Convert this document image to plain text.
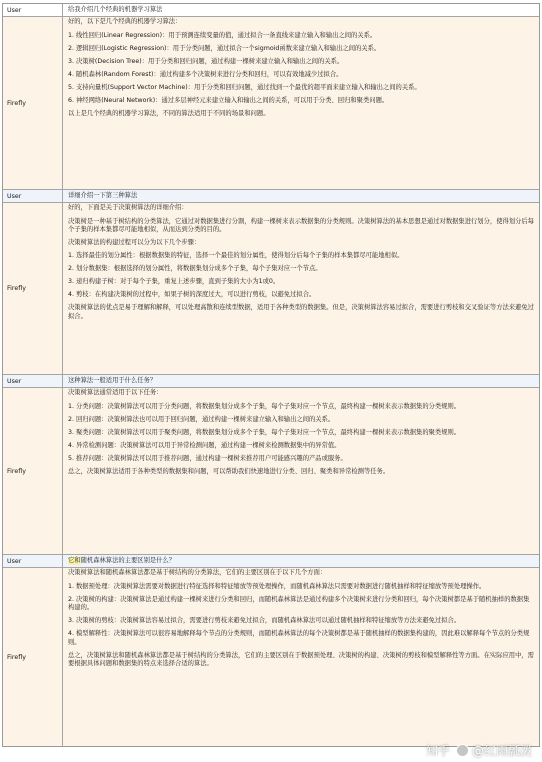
User	给我介绍几个经典的机器学习算法
Firefly
好的，以下是几个经典的机器学习算法：
1. 线性回归(Linear Regression)：用于预测连续变量的值，通过拟合一条直线来建立输入和输出之间的关系。
2. 逻辑回归(Logistic Regression)：用于分类问题，通过拟合一个sigmoid函数来建立输入和输出之间的关系。
3. 决策树(Decision Tree)：用于分类和回归问题，通过构建一棵树来建立输入和输出之间的关系。
4. 随机森林(Random Forest)：通过构建多个决策树来进行分类和回归，可以有效地减少过拟合。
5. 支持向量机(Support Vector Machine)：用于分类和回归问题，通过找到一个最优的超平面来建立输入和输出之间的关系。
6. 神经网络(Neural Network)：通过多层神经元来建立输入和输出之间的关系，可以用于分类、回归和聚类问题。
以上是几个经典的机器学习算法，不同的算法适用于不同的场景和问题。
User	详细介绍一下第三种算法
Firefly
好的，下面是关于决策树算法的详细介绍：
决策树是一种基于树结构的分类算法，它通过对数据集进行分割，构建一棵树来表示数据集的分类规则。决策树算法的基本思想是通过对数据集进行划分，使得划分后每个子集的样本集都尽可能地相似，从而达到分类的目的。
决策树算法的构建过程可以分为以下几个步骤：
1. 选择最佳的划分属性：根据数据集的特征，选择一个最佳的划分属性，使得划分后每个子集的样本集都尽可能地相似。
2. 划分数据集：根据选择的划分属性，将数据集划分成多个子集，每个子集对应一个节点。
3. 递归构建子树：对于每个子集，重复上述步骤，直到子集的大小为1或0。
4. 剪枝：在构建决策树的过程中，如果子树的深度过大，可以进行剪枝，以避免过拟合。
决策树算法的优点是易于理解和解释，可以处理高散和连续型数据，适用于各种类型的数据集。但是，决策树算法容易过拟合，需要进行剪枝和交叉验证等方法来避免过拟合。
User	这种算法一般适用于什么任务？
Firefly
决策树算法通常适用于以下任务：
1. 分类问题：决策树算法可以用于分类问题，将数据集划分成多个子集，每个子集对应一个节点，最终构建一棵树来表示数据集的分类规则。
2. 回归问题：决策树算法也可以用于回归问题，通过构建一棵树来建立输入和输出之间的关系。
3. 聚类问题：决策树算法可以用于聚类问题，将数据集划分成多个子集，每个子集对应一个节点，最终构建一棵树来表示数据集的聚类规则。
4. 异常检测问题：决策树算法可以用于异常检测问题，通过构建一棵树来检测数据集中的异常值。
5. 推荐问题：决策树算法可以用于推荐问题，通过构建一棵树来推荐用户可能感兴趣的产品或服务。
总之，决策树算法适用于各种类型的数据集和问题，可以帮助我们快速地进行分类、回归、聚类和异常检测等任务。
User	它和 随机森林算法的主要区别是什么？
Firefly
决策树算法和随机森林算法都是基于树结构的分类算法，它们的主要区别在于以下几个方面：
1. 数据预处理：决策树算法需要对数据进行特征选择和特征缩放等预处理操作，而随机森林算法只需要对数据进行随机抽样和特征缩放等预处理操作。
2. 决策树的构建：决策树算法是通过构建一棵树来进行分类和回归，而随机森林算法是通过构建多个决策树来进行分类和回归，每个决策树都是基于随机抽样的数据集构建的。
3. 决策树的剪枝：决策树算法容易过拟合，需要进行剪枝来避免过拟合，而随机森林算法可以通过随机抽样和特征缩放等方法来避免过拟合。
4. 模型解释性：决策树算法可以很容易地解释每个节点的分类规则，而随机森林算法的每个决策树都是基于随机抽样的数据集构建的，因此难以解释每个节点的分类规则。
总之，决策树算法和随机森林算法都是基于树结构的分类算法，它们的主要区别在于数据预处理、决策树的构建、决策树的剪枝和模型解释性等方面。在实际应用中，需要根据具体问题和数据集的特点来选择合适的算法。
知乎 @红雨瓢泼
